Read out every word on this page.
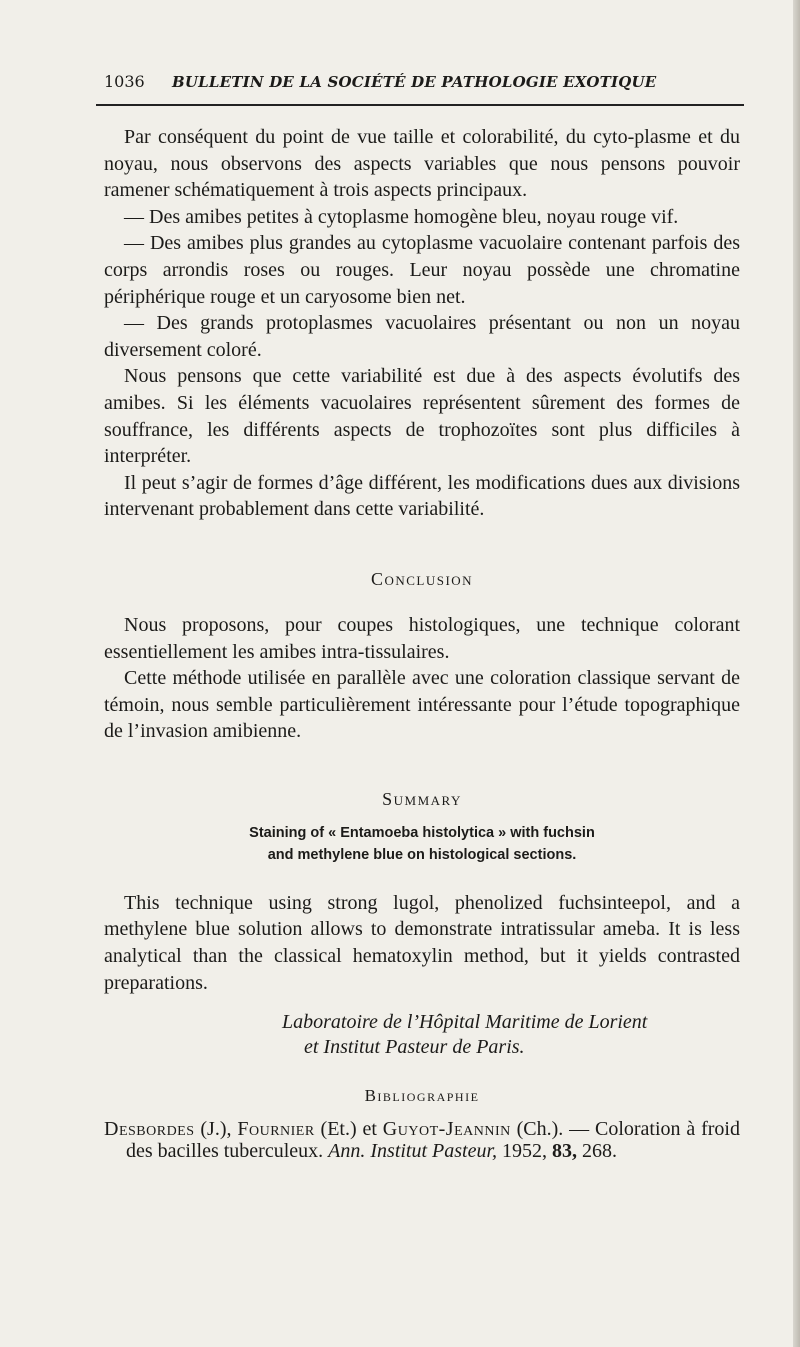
1036	BULLETIN DE LA SOCIÉTÉ DE PATHOLOGIE EXOTIQUE

Par conséquent du point de vue taille et colorabilité, du cyto-plasme et du noyau, nous observons des aspects variables que nous pensons pouvoir ramener schématiquement à trois aspects principaux.

— Des amibes petites à cytoplasme homogène bleu, noyau rouge vif.

— Des amibes plus grandes au cytoplasme vacuolaire contenant parfois des corps arrondis roses ou rouges. Leur noyau possède une chromatine périphérique rouge et un caryosome bien net.

— Des grands protoplasmes vacuolaires présentant ou non un noyau diversement coloré.

Nous pensons que cette variabilité est due à des aspects évolutifs des amibes. Si les éléments vacuolaires représentent sûrement des formes de souffrance, les différents aspects de trophozoïtes sont plus difficiles à interpréter.

Il peut s’agir de formes d’âge différent, les modifications dues aux divisions intervenant probablement dans cette variabilité.

Conclusion

Nous proposons, pour coupes histologiques, une technique colorant essentiellement les amibes intra-tissulaires.

Cette méthode utilisée en parallèle avec une coloration classique servant de témoin, nous semble particulièrement intéressante pour l’étude topographique de l’invasion amibienne.

Summary
Staining of « Entamoeba histolytica » with fuchsin
and methylene blue on histological sections.

This technique using strong lugol, phenolized fuchsinteepol, and a methylene blue solution allows to demonstrate intratissular ameba. It is less analytical than the classical hematoxylin method, but it yields contrasted preparations.

Laboratoire de l’Hôpital Maritime de Lorient
et Institut Pasteur de Paris.
Bibliographie
Desbordes (J.), Fournier (Et.) et Guyot-Jeannin (Ch.). — Coloration à froid des bacilles tuberculeux. Ann. Institut Pasteur, 1952, 83, 268.
